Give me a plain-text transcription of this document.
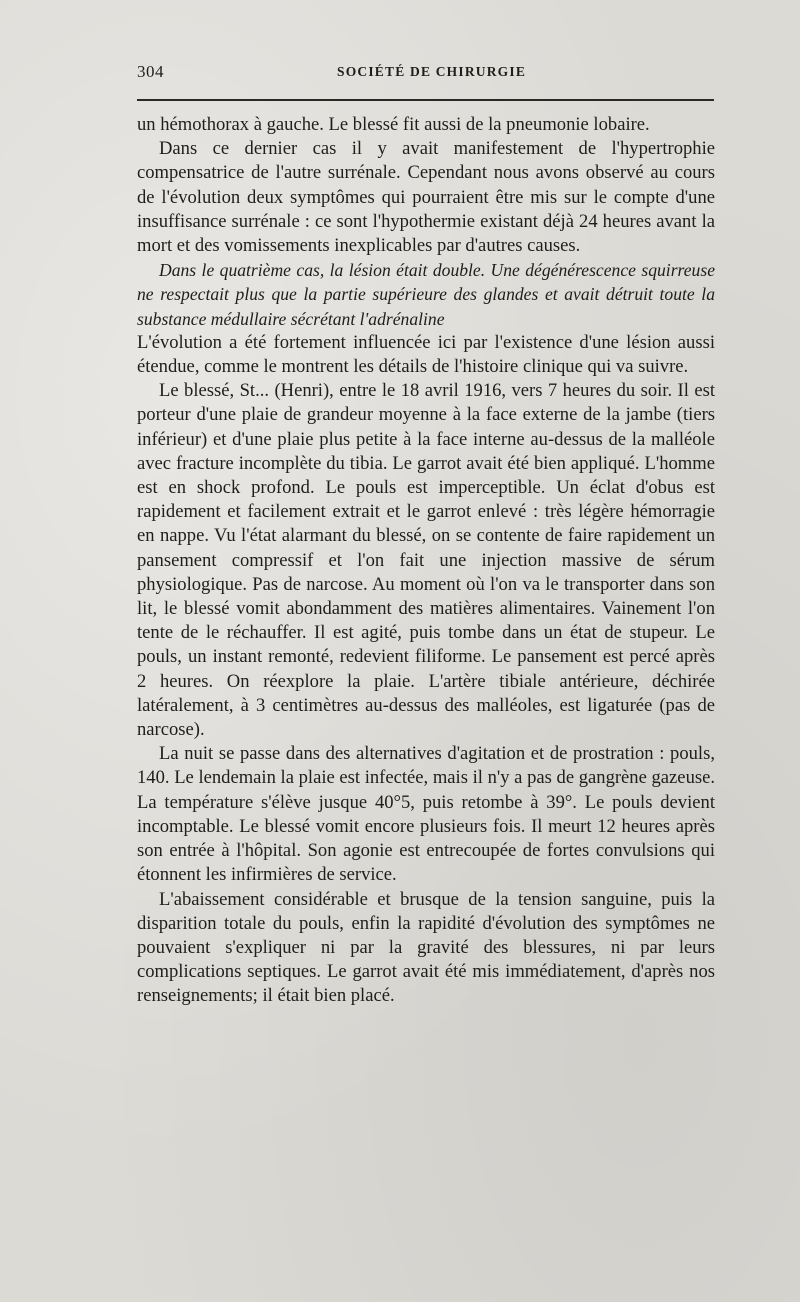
304	SOCIÉTÉ DE CHIRURGIE

un hémothorax à gauche. Le blessé fit aussi de la pneumonie lobaire.

Dans ce dernier cas il y avait manifestement de l'hypertrophie compensatrice de l'autre surrénale. Cependant nous avons observé au cours de l'évolution deux symptômes qui pourraient être mis sur le compte d'une insuffisance surrénale : ce sont l'hypothermie existant déjà 24 heures avant la mort et des vomissements inexplicables par d'autres causes.

Dans le quatrième cas, la lésion était double. Une dégénérescence squirreuse ne respectait plus que la partie supérieure des glandes et avait détruit toute la substance médullaire sécrétant l'adrénaline

L'évolution a été fortement influencée ici par l'existence d'une lésion aussi étendue, comme le montrent les détails de l'histoire clinique qui va suivre.

Le blessé, St... (Henri), entre le 18 avril 1916, vers 7 heures du soir. Il est porteur d'une plaie de grandeur moyenne à la face externe de la jambe (tiers inférieur) et d'une plaie plus petite à la face interne au-dessus de la malléole avec fracture incomplète du tibia. Le garrot avait été bien appliqué. L'homme est en shock profond. Le pouls est imperceptible. Un éclat d'obus est rapidement et facilement extrait et le garrot enlevé : très légère hémorragie en nappe. Vu l'état alarmant du blessé, on se contente de faire rapidement un pansement compressif et l'on fait une injection massive de sérum physiologique. Pas de narcose. Au moment où l'on va le transporter dans son lit, le blessé vomit abondamment des matières alimentaires. Vainement l'on tente de le réchauffer. Il est agité, puis tombe dans un état de stupeur. Le pouls, un instant remonté, redevient filiforme. Le pansement est percé après 2 heures. On réexplore la plaie. L'artère tibiale antérieure, déchirée latéralement, à 3 centimètres au-dessus des malléoles, est ligaturée (pas de narcose).

La nuit se passe dans des alternatives d'agitation et de prostration : pouls, 140. Le lendemain la plaie est infectée, mais il n'y a pas de gangrène gazeuse. La température s'élève jusque 40°5, puis retombe à 39°. Le pouls devient incomptable. Le blessé vomit encore plusieurs fois. Il meurt 12 heures après son entrée à l'hôpital. Son agonie est entrecoupée de fortes convulsions qui étonnent les infirmières de service.

L'abaissement considérable et brusque de la tension sanguine, puis la disparition totale du pouls, enfin la rapidité d'évolution des symptômes ne pouvaient s'expliquer ni par la gravité des blessures, ni par leurs complications septiques. Le garrot avait été mis immédiatement, d'après nos renseignements; il était bien placé.
